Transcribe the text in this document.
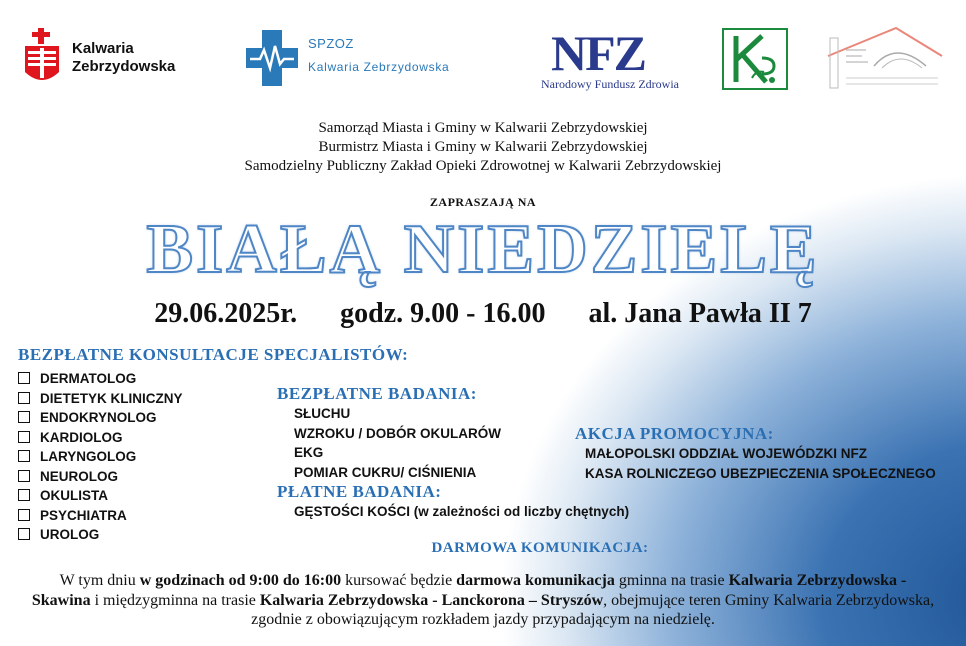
Kalwaria
Zebrzydowska
SPZOZ
Kalwaria Zebrzydowska NFZ
Narodowy Fundusz Zdrowia
Samorząd Miasta i Gminy w Kalwarii Zebrzydowskiej
Burmistrz Miasta i Gminy w Kalwarii Zebrzydowskiej
Samodzielny Publiczny Zakład Opieki Zdrowotnej w Kalwarii Zebrzydowskiej
ZAPRASZAJĄ NA
BIAŁĄ NIEDZIELĘ
29.06.2025r. godz. 9.00 - 16.00 al. Jana Pawła II 7
BEZPŁATNE KONSULTACJE SPECJALISTÓW:
DERMATOLOG
DIETETYK KLINICZNY
ENDOKRYNOLOG
KARDIOLOG
LARYNGOLOG
NEUROLOG
OKULISTA
PSYCHIATRA
UROLOG
BEZPŁATNE BADANIA:
SŁUCHU
WZROKU / DOBÓR OKULARÓW
EKG
POMIAR CUKRU/ CIŚNIENIA
PŁATNE BADANIA:
GĘSTOŚCI KOŚCI (w zależności od liczby chętnych)
AKCJA PROMOCYJNA:
MAŁOPOLSKI ODDZIAŁ WOJEWÓDZKI NFZ
KASA ROLNICZEGO UBEZPIECZENIA SPOŁECZNEGO
DARMOWA KOMUNIKACJA:
W tym dniu w godzinach od 9:00 do 16:00 kursować będzie darmowa komunikacja gminna na trasie Kalwaria Zebrzydowska - Skawina i międzygminna na trasie Kalwaria Zebrzydowska - Lanckorona – Stryszów, obejmujące teren Gminy Kalwaria Zebrzydowska, zgodnie z obowiązującym rozkładem jazdy przypadającym na niedzielę.
